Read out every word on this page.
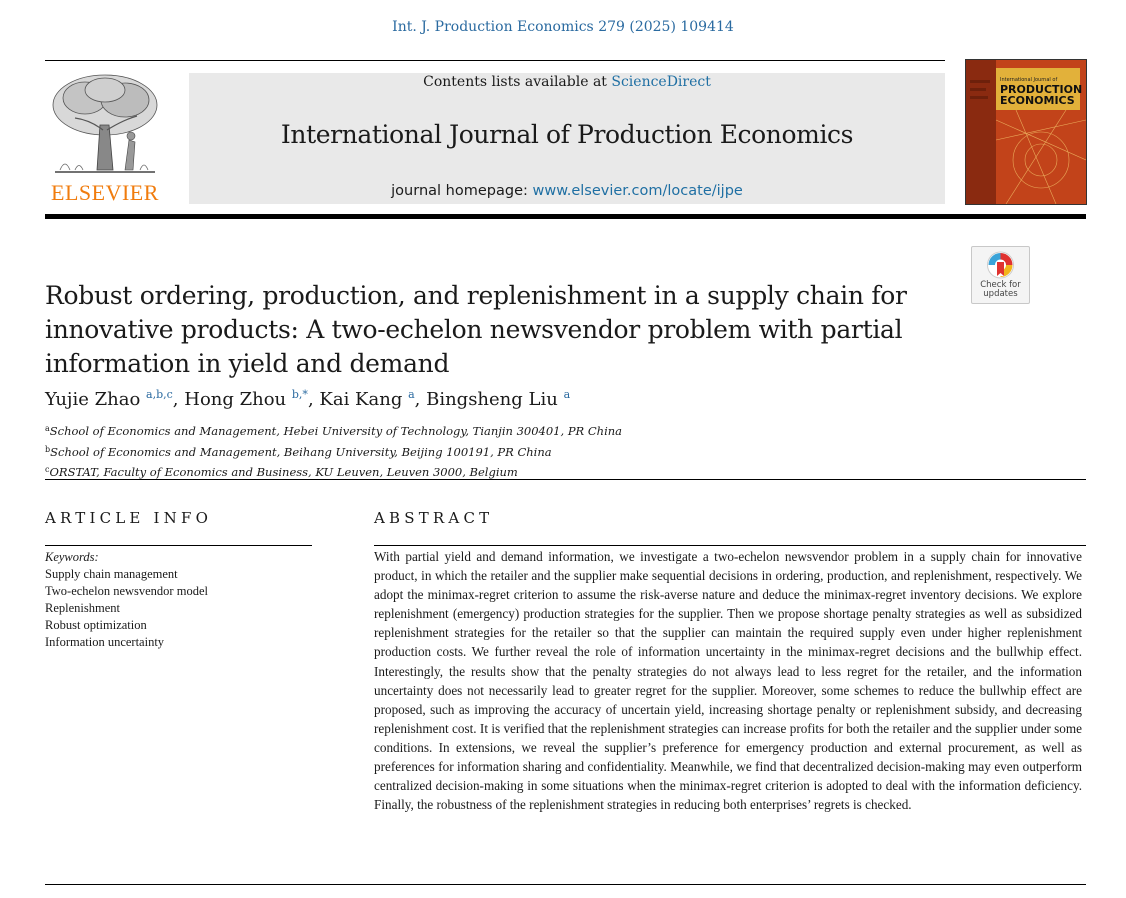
Int. J. Production Economics 279 (2025) 109414
ELSEVIER
Contents lists available at ScienceDirect
International Journal of Production Economics
journal homepage: www.elsevier.com/locate/ijpe
International Journal of
PRODUCTION
ECONOMICS
Check for
updates
Robust ordering, production, and replenishment in a supply chain for innovative products: A two-echelon newsvendor problem with partial information in yield and demand
Yujie Zhao $^{a,b,c}$, Hong Zhou $^{b,*}$, Kai Kang $^a$, Bingsheng Liu $^a$
$^a$School of Economics and Management, Hebei University of Technology, Tianjin 300401, PR China
$^b$School of Economics and Management, Beihang University, Beijing 100191, PR China
$^c$ORSTAT, Faculty of Economics and Business, KU Leuven, Leuven 3000, Belgium
ARTICLE INFO
Keywords:
Supply chain management
Two-echelon newsvendor model
Replenishment
Robust optimization
Information uncertainty
ABSTRACT
With partial yield and demand information, we investigate a two-echelon newsvendor problem in a supply chain for innovative product, in which the retailer and the supplier make sequential decisions in ordering, production, and replenishment, respectively. We adopt the minimax-regret criterion to assume the risk-averse nature and deduce the minimax-regret inventory decisions. We explore replenishment (emergency) production strategies for the supplier. Then we propose shortage penalty strategies as well as subsidized replenishment strategies for the retailer so that the supplier can maintain the required supply even under higher replenishment production costs. We further reveal the role of information uncertainty in the minimax-regret decisions and the bullwhip effect. Interestingly, the results show that the penalty strategies do not always lead to less regret for the retailer, and the information uncertainty does not necessarily lead to greater regret for the supplier. Moreover, some schemes to reduce the bullwhip effect are proposed, such as improving the accuracy of uncertain yield, increasing shortage penalty or replenishment subsidy, and decreasing replenishment cost. It is verified that the replenishment strategies can increase profits for both the retailer and the supplier under some conditions. In extensions, we reveal the supplier’s preference for emergency production and external procurement, as well as preferences for information sharing and confidentiality. Meanwhile, we find that decentralized decision-making may even outperform centralized decision-making in some situations when the minimax-regret criterion is adopted to deal with the information deficiency. Finally, the robustness of the replenishment strategies in reducing both enterprises’ regrets is checked.
